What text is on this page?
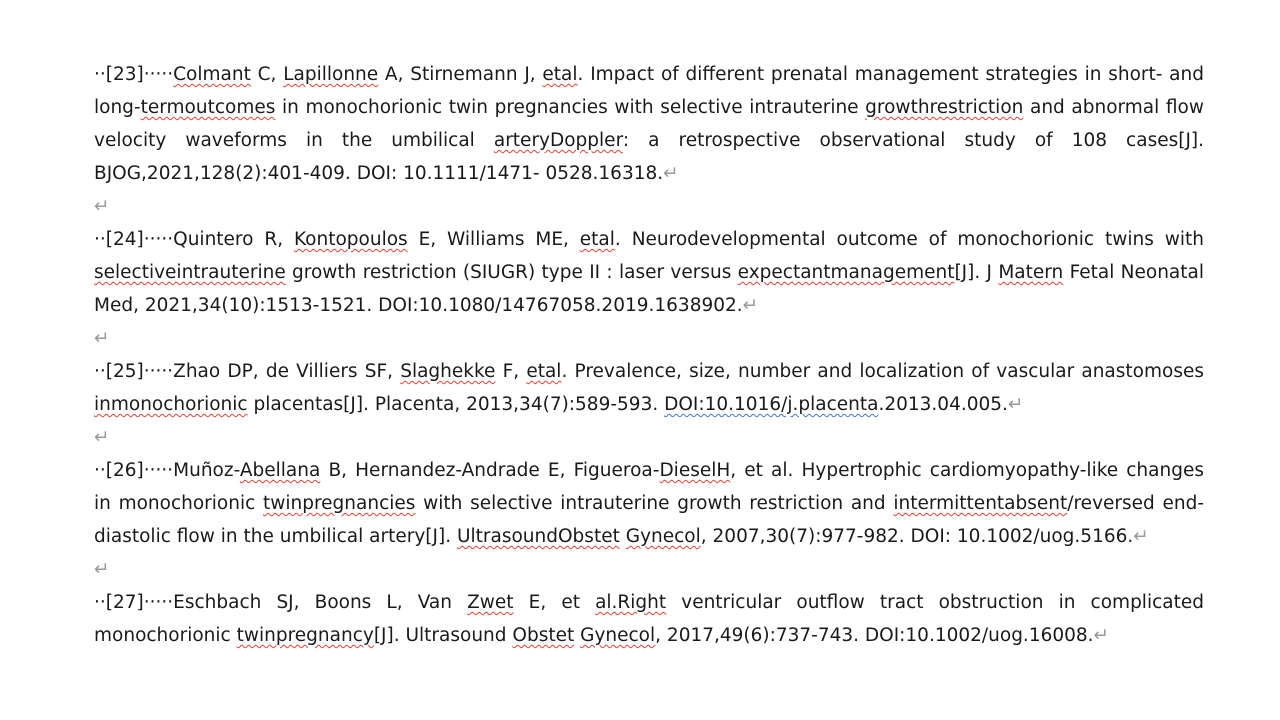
··[23]·····Colmant C, Lapillonne A, Stirnemann J, etal. Impact of different prenatal management strategies in short- and long-termoutcomes in monochorionic twin pregnancies with selective intrauterine growthrestriction and abnormal flow velocity waveforms in the umbilical arteryDoppler: a retrospective observational study of 108 cases[J]. BJOG,2021,128(2):401-409. DOI: 10.1111/1471- 0528.16318.↵

↵

··[24]·····Quintero R, Kontopoulos E, Williams ME, etal. Neurodevelopmental outcome of monochorionic twins with selectiveintrauterine growth restriction (SIUGR) type II : laser versus expectantmanagement[J]. J Matern Fetal Neonatal Med, 2021,34(10):1513-1521. DOI:10.1080/14767058.2019.1638902.↵

↵

··[25]·····Zhao DP, de Villiers SF, Slaghekke F, etal. Prevalence, size, number and localization of vascular anastomoses inmonochorionic placentas[J]. Placenta, 2013,34(7):589-593. DOI:10.1016/j.placenta.2013.04.005.↵

↵

··[26]·····Muñoz-Abellana B, Hernandez-Andrade E, Figueroa-DieselH, et al. Hypertrophic cardiomyopathy-like changes in monochorionic twinpregnancies with selective intrauterine growth restriction and intermittentabsent/reversed end-diastolic flow in the umbilical artery[J]. UltrasoundObstet Gynecol, 2007,30(7):977-982. DOI: 10.1002/uog.5166.↵

↵

··[27]·····Eschbach SJ, Boons L, Van Zwet E, et al.Right ventricular outflow tract obstruction in complicated monochorionic twinpregnancy[J]. Ultrasound Obstet Gynecol, 2017,49(6):737-743. DOI:10.1002/uog.16008.↵
